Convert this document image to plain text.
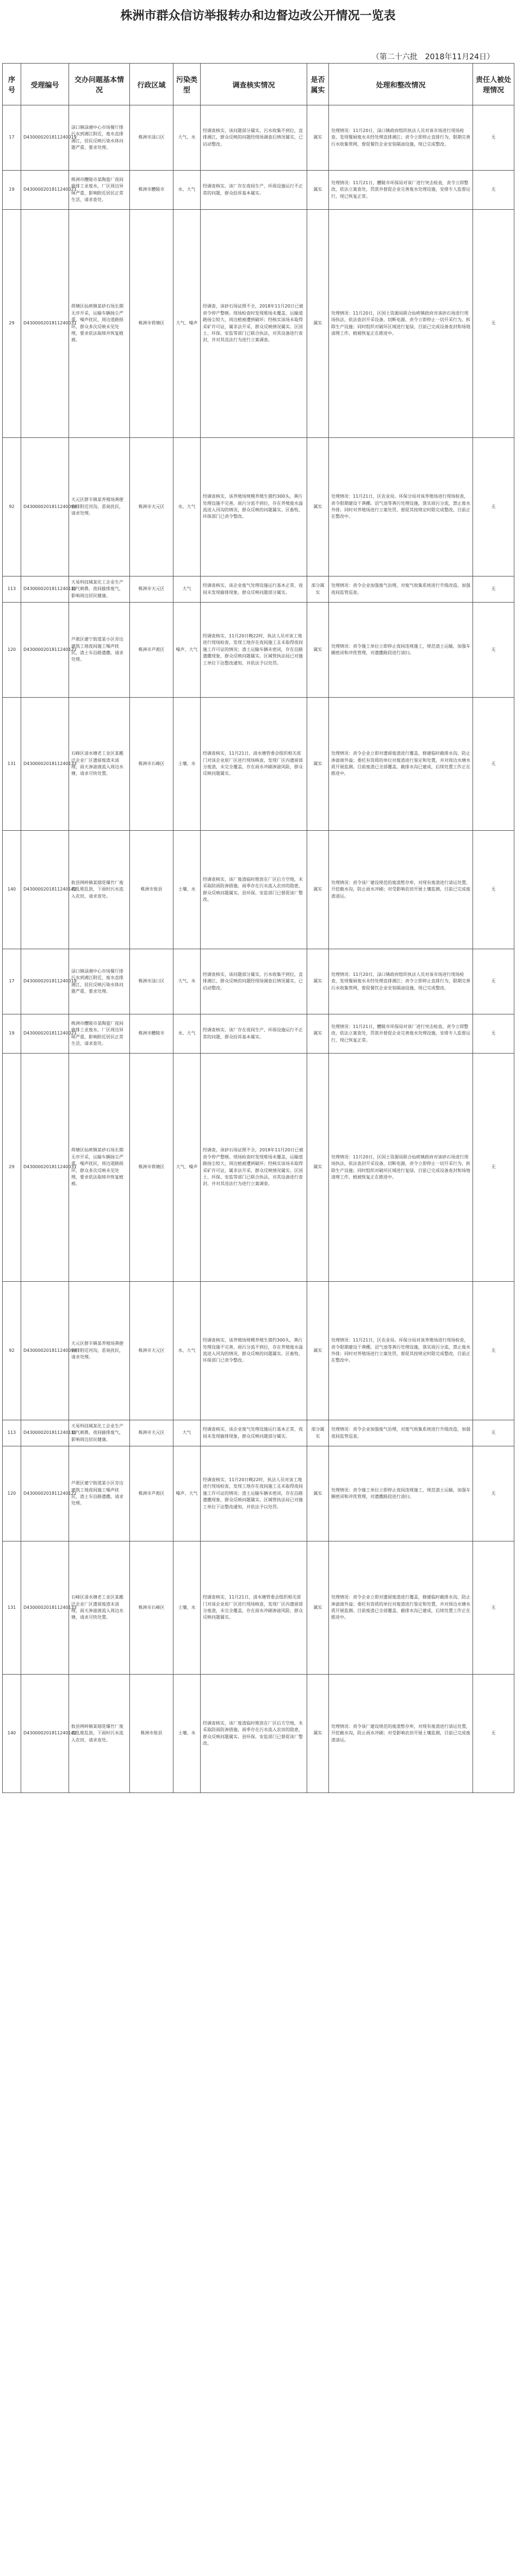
株洲市群众信访举报转办和边督边改公开情况一览表
（第二十六批　2018年11月24日）
序号	受理编号	交办问题基本情况	行政区域	污染类型	调查核实情况	是否属实	处理和整改情况	责任人被处理情况
17	D430000201811240019	渌口镇渌湘中心市场餐厅排污水到湘江附近，废水直排湘江，居民反映污染水体问题严重，要求处理。	株洲市渌口区	大气、水	经调查核实，该问题部分属实，污水收集不到位，直排湘江，群众反映的问题经现场调查后情况属实，已启动整改。	属实	处理情况：11月20日，渌口镇政府组织执法人员对该市场进行现场检查，发现餐厨废水未经处理直排湘江；责令立即停止直排行为，限期完善污水收集管网，督促餐饮企业安装隔油设施，现已完成整改。	无
19	D430000201811240021	株洲市醴陵市某陶瓷厂夜间偷排工业废水，厂区周边异味严重，影响附近居民正常生活，请求查处。	株洲市醴陵市	水、大气	经调查核实，该厂存在夜间生产、环保设施运行不正常的问题，群众投诉基本属实。	属实	处理情况：11月21日，醴陵市环保局对该厂进行突击检查，责令立即整改，依法立案查处，罚款并督促企业完善废水处理设施，安排专人监督运行，现已恢复正常。	无
29	D430000201811240031	荷塘区仙庾镇某砂石场长期无序开采，运输车辆扬尘严重，噪声扰民，周边道路损坏，群众多次反映未见处理，要求依法取缔并恢复植被。	株洲市荷塘区	大气、噪声	经调查，该砂石场证照不全，2018年11月20日已被责令停产整顿。现场检查时发现堆场未覆盖，运输道路扬尘较大，周边植被遭到破坏；经核实该场未取得采矿许可证，属非法开采，群众反映情况属实。区国土、环保、安监等部门已联合执法，对其设备进行查封，并对其违法行为进行立案调查。	属实	处理情况：11月20日，区国土资源局联合仙庾镇政府对该砂石场进行现场执法，依法查封开采设备，切断电源，责令立即停止一切开采行为，拆除生产设施；同时组织对破坏区域进行复绿，目前已完成设备查封和场地清理工作，植被恢复正在推进中。	无
92	D430000201811240094	天元区群丰镇某养殖场粪便直排附近河沟，恶臭扰民，请求处理。	株洲市天元区	水、大气	经调查核实，该养殖场规模养殖生猪约300头，粪污处理设施不完善，雨污分流不到位，存在养殖废水溢流进入河沟的情况，群众反映的问题属实。区畜牧、环保部门已责令整改。	属实	处理情况：11月21日，区农业局、环保分局对该养殖场进行现场检查，责令限期建设干粪棚、沼气池等粪污处理设施，落实雨污分流，禁止废水外排；同时对养殖场进行立案处罚，督促其按规定时限完成整改，目前正在整改中。	无
113	D430000201811240115	天易科技城某化工企业生产废气刺鼻，夜间偷排废气，影响周边居民健康。	株洲市天元区	大气	经调查核实，该企业废气处理设施运行基本正常，夜间未发现偷排现象，群众反映问题部分属实。	部分属实	处理情况：责令企业加强废气治理，对废气收集系统进行升级改造，加强夜间监管巡查。	无
120	D430000201811240122	芦淞区建宁街道某小区旁边建筑工地夜间施工噪声扰民，渣土车沿路遗撒，请求处理。	株洲市芦淞区	噪声、大气	经调查核实，11月20日晚22时，执法人员对该工地进行现场检查，发现工地存在夜间施工且未取得夜间施工许可证的情况；渣土运输车辆未密闭，存在沿路遗撒现象，群众反映问题属实。区城管执法局已对施工单位下达整改通知，并依法予以处罚。	属实	处理情况：责令施工单位立即停止夜间违规施工，规范渣土运输，加强车辆密闭和冲洗管理，对遗撒路段进行清扫。	无
131	D430000201811240133	石峰区清水塘老工业区某搬迁企业厂区遗留废渣未清理，雨天渗滤液流入周边水塘，请求尽快处置。	株洲市石峰区	土壤、水	经调查核实，11月21日，清水塘管委会组织相关部门对该企业原厂区进行现场核查，发现厂区内遗留部分废渣，未完全覆盖，存在雨水冲刷渗滤风险，群众反映问题属实。	属实	处理情况：责令企业立即对遗留废渣进行覆盖，修建临时截排水沟，防止渗滤液外溢；委托有资质的单位对废渣进行鉴定和处置，并对周边水塘水质开展监测。目前废渣已全部覆盖，截排水沟已建成，后续处置工作正在推进中。	无
140	D430000201811240142	攸县网岭镇某烟花爆竹厂废渣乱堆乱放，下雨时污水流入农田，请求查处。	株洲市攸县	土壤、水	经调查核实，该厂废渣临时堆放在厂区后方空地，未采取防雨防渗措施，雨季存在污水流入农田的隐患，群众反映问题属实。县环保、安监部门已督促该厂整改。	属实	处理情况：责令该厂建设规范的废渣暂存库，对现有废渣进行清运处置，开挖截水沟，防止雨水冲刷；对受影响农田开展土壤监测，目前已完成废渣清运。	无
17	D430000201811240019	渌口镇渌湘中心市场餐厅排污水到湘江附近，废水直排湘江，居民反映污染水体问题严重，要求处理。	株洲市渌口区	大气、水	经调查核实，该问题部分属实，污水收集不到位，直排湘江，群众反映的问题经现场调查后情况属实，已启动整改。	属实	处理情况：11月20日，渌口镇政府组织执法人员对该市场进行现场检查，发现餐厨废水未经处理直排湘江；责令立即停止直排行为，限期完善污水收集管网，督促餐饮企业安装隔油设施，现已完成整改。	无
19	D430000201811240021	株洲市醴陵市某陶瓷厂夜间偷排工业废水，厂区周边异味严重，影响附近居民正常生活，请求查处。	株洲市醴陵市	水、大气	经调查核实，该厂存在夜间生产、环保设施运行不正常的问题，群众投诉基本属实。	属实	处理情况：11月21日，醴陵市环保局对该厂进行突击检查，责令立即整改，依法立案查处，罚款并督促企业完善废水处理设施，安排专人监督运行，现已恢复正常。	无
29	D430000201811240031	荷塘区仙庾镇某砂石场长期无序开采，运输车辆扬尘严重，噪声扰民，周边道路损坏，群众多次反映未见处理，要求依法取缔并恢复植被。	株洲市荷塘区	大气、噪声	经调查，该砂石场证照不全，2018年11月20日已被责令停产整顿。现场检查时发现堆场未覆盖，运输道路扬尘较大，周边植被遭到破坏；经核实该场未取得采矿许可证，属非法开采，群众反映情况属实。区国土、环保、安监等部门已联合执法，对其设备进行查封，并对其违法行为进行立案调查。	属实	处理情况：11月20日，区国土资源局联合仙庾镇政府对该砂石场进行现场执法，依法查封开采设备，切断电源，责令立即停止一切开采行为，拆除生产设施；同时组织对破坏区域进行复绿，目前已完成设备查封和场地清理工作，植被恢复正在推进中。	无
92	D430000201811240094	天元区群丰镇某养殖场粪便直排附近河沟，恶臭扰民，请求处理。	株洲市天元区	水、大气	经调查核实，该养殖场规模养殖生猪约300头，粪污处理设施不完善，雨污分流不到位，存在养殖废水溢流进入河沟的情况，群众反映的问题属实。区畜牧、环保部门已责令整改。	属实	处理情况：11月21日，区农业局、环保分局对该养殖场进行现场检查，责令限期建设干粪棚、沼气池等粪污处理设施，落实雨污分流，禁止废水外排；同时对养殖场进行立案处罚，督促其按规定时限完成整改，目前正在整改中。	无
113	D430000201811240115	天易科技城某化工企业生产废气刺鼻，夜间偷排废气，影响周边居民健康。	株洲市天元区	大气	经调查核实，该企业废气处理设施运行基本正常，夜间未发现偷排现象，群众反映问题部分属实。	部分属实	处理情况：责令企业加强废气治理，对废气收集系统进行升级改造，加强夜间监管巡查。	无
120	D430000201811240122	芦淞区建宁街道某小区旁边建筑工地夜间施工噪声扰民，渣土车沿路遗撒，请求处理。	株洲市芦淞区	噪声、大气	经调查核实，11月20日晚22时，执法人员对该工地进行现场检查，发现工地存在夜间施工且未取得夜间施工许可证的情况；渣土运输车辆未密闭，存在沿路遗撒现象，群众反映问题属实。区城管执法局已对施工单位下达整改通知，并依法予以处罚。	属实	处理情况：责令施工单位立即停止夜间违规施工，规范渣土运输，加强车辆密闭和冲洗管理，对遗撒路段进行清扫。	无
131	D430000201811240133	石峰区清水塘老工业区某搬迁企业厂区遗留废渣未清理，雨天渗滤液流入周边水塘，请求尽快处置。	株洲市石峰区	土壤、水	经调查核实，11月21日，清水塘管委会组织相关部门对该企业原厂区进行现场核查，发现厂区内遗留部分废渣，未完全覆盖，存在雨水冲刷渗滤风险，群众反映问题属实。	属实	处理情况：责令企业立即对遗留废渣进行覆盖，修建临时截排水沟，防止渗滤液外溢；委托有资质的单位对废渣进行鉴定和处置，并对周边水塘水质开展监测。目前废渣已全部覆盖，截排水沟已建成，后续处置工作正在推进中。	无
140	D430000201811240142	攸县网岭镇某烟花爆竹厂废渣乱堆乱放，下雨时污水流入农田，请求查处。	株洲市攸县	土壤、水	经调查核实，该厂废渣临时堆放在厂区后方空地，未采取防雨防渗措施，雨季存在污水流入农田的隐患，群众反映问题属实。县环保、安监部门已督促该厂整改。	属实	处理情况：责令该厂建设规范的废渣暂存库，对现有废渣进行清运处置，开挖截水沟，防止雨水冲刷；对受影响农田开展土壤监测，目前已完成废渣清运。	无
